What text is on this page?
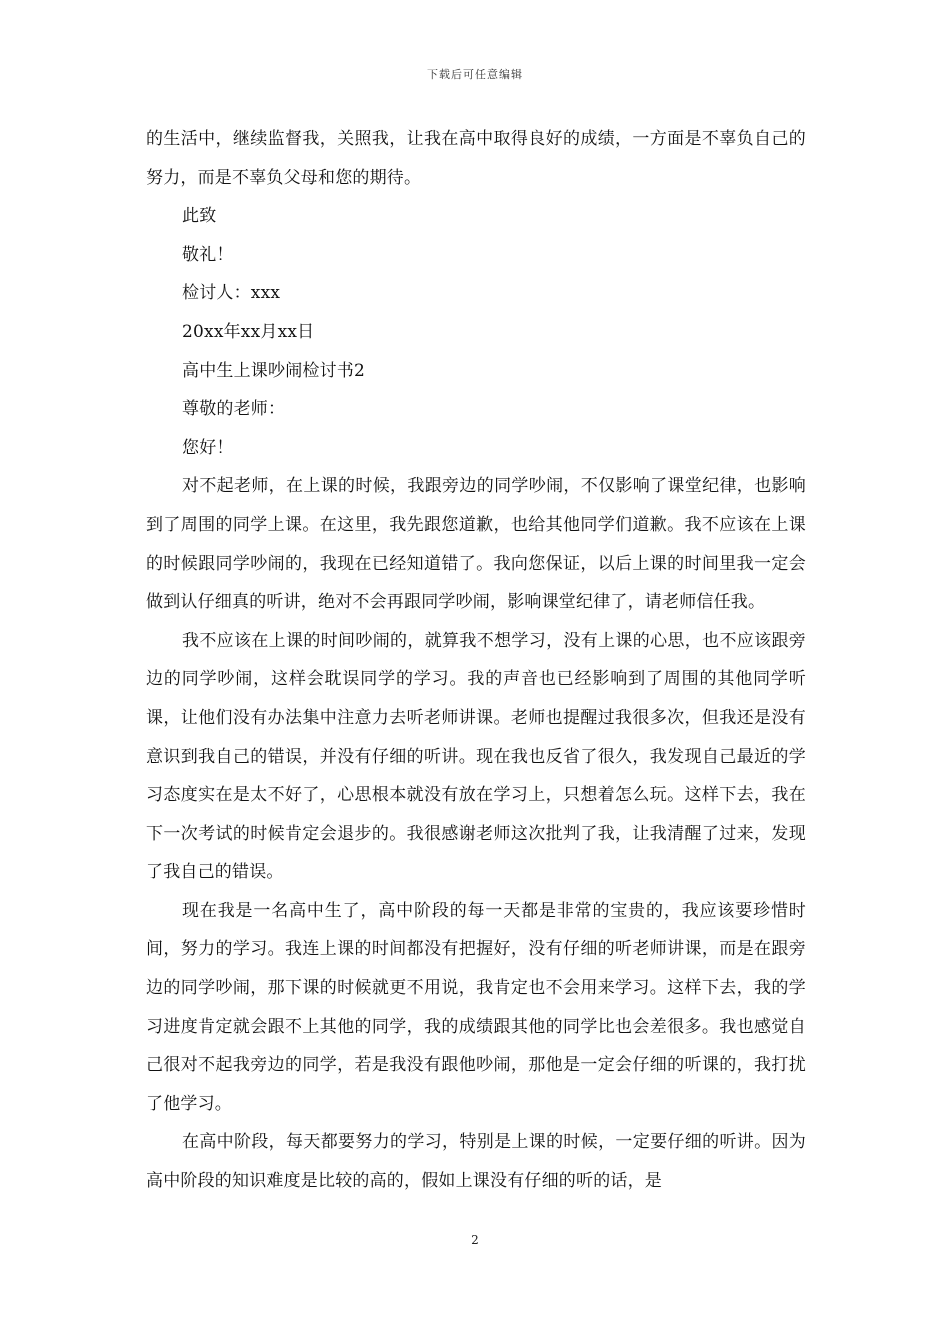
下载后可任意编辑

的生活中，继续监督我，关照我，让我在高中取得良好的成绩，一方面是不辜负自己的努力，而是不辜负父母和您的期待。

此致

敬礼！

检讨人：xxx

20xx年xx月xx日

高中生上课吵闹检讨书2

尊敬的老师：

您好！

对不起老师，在上课的时候，我跟旁边的同学吵闹，不仅影响了课堂纪律，也影响到了周围的同学上课。在这里，我先跟您道歉，也给其他同学们道歉。我不应该在上课的时候跟同学吵闹的，我现在已经知道错了。我向您保证，以后上课的时间里我一定会做到认仔细真的听讲，绝对不会再跟同学吵闹，影响课堂纪律了，请老师信任我。

我不应该在上课的时间吵闹的，就算我不想学习，没有上课的心思，也不应该跟旁边的同学吵闹，这样会耽误同学的学习。我的声音也已经影响到了周围的其他同学听课，让他们没有办法集中注意力去听老师讲课。老师也提醒过我很多次，但我还是没有意识到我自己的错误，并没有仔细的听讲。现在我也反省了很久，我发现自己最近的学习态度实在是太不好了，心思根本就没有放在学习上，只想着怎么玩。这样下去，我在下一次考试的时候肯定会退步的。我很感谢老师这次批判了我，让我清醒了过来，发现了我自己的错误。

现在我是一名高中生了，高中阶段的每一天都是非常的宝贵的，我应该要珍惜时间，努力的学习。我连上课的时间都没有把握好，没有仔细的听老师讲课，而是在跟旁边的同学吵闹，那下课的时候就更不用说，我肯定也不会用来学习。这样下去，我的学习进度肯定就会跟不上其他的同学，我的成绩跟其他的同学比也会差很多。我也感觉自己很对不起我旁边的同学，若是我没有跟他吵闹，那他是一定会仔细的听课的，我打扰了他学习。

在高中阶段，每天都要努力的学习，特别是上课的时候，一定要仔细的听讲。因为高中阶段的知识难度是比较的高的，假如上课没有仔细的听的话，是

2
